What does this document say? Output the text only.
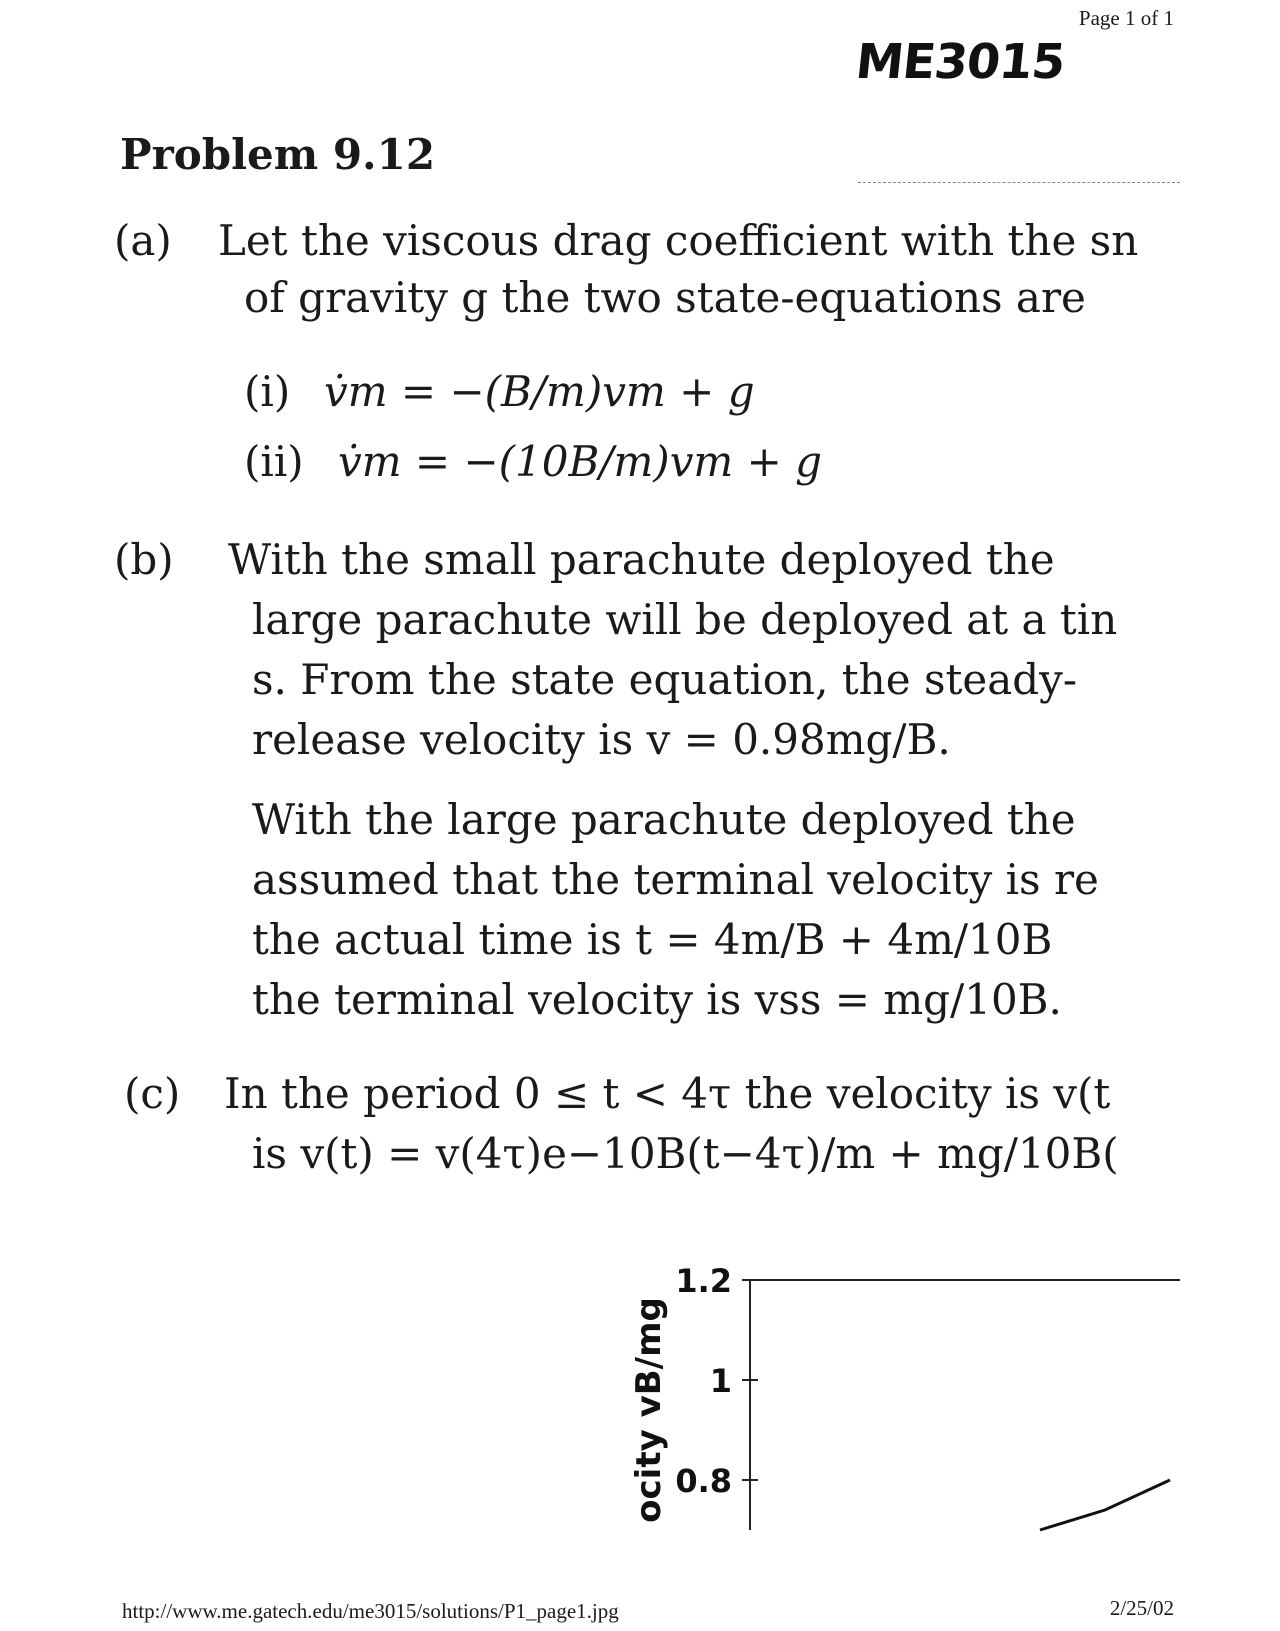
Page 1 of 1
ME3015
Problem 9.12
(a) Let the viscous drag coefficient with the sn
of gravity g the two state-equations are
(i) v̇m = −(B/m)vm + g
(ii) v̇m = −(10B/m)vm + g
(b) With the small parachute deployed the
large parachute will be deployed at a tin
s. From the state equation, the steady-
release velocity is v = 0.98mg/B.
With the large parachute deployed the
assumed that the terminal velocity is re
the actual time is t = 4m/B + 4m/10B
the terminal velocity is vss = mg/10B.
(c) In the period 0 ≤ t < 4τ the velocity is v(t
is v(t) = v(4τ)e−10B(t−4τ)/m + mg/10B(
ocity vB/mg
1.2
1
0.8
http://www.me.gatech.edu/me3015/solutions/P1_page1.jpg	2/25/02
